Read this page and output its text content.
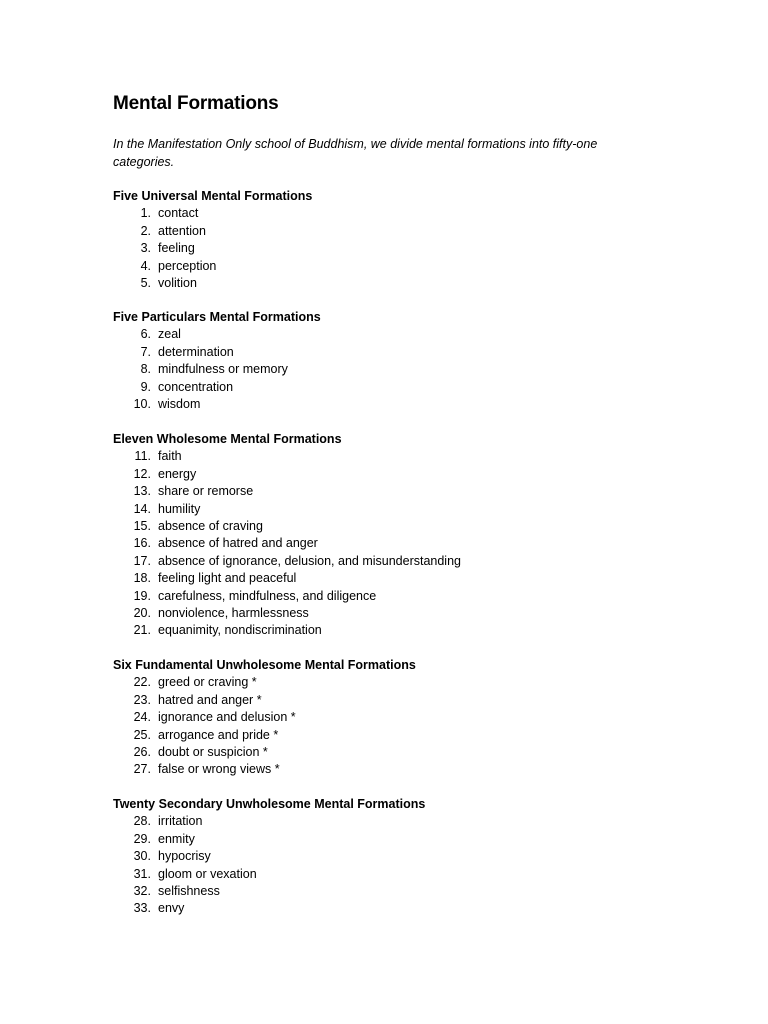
Mental Formations

In the Manifestation Only school of Buddhism, we divide mental formations into fifty-one categories.

Five Universal Mental Formations
1. contact
2. attention
3. feeling
4. perception
5. volition
Five Particulars Mental Formations
6. zeal
7. determination
8. mindfulness or memory
9. concentration
10. wisdom
Eleven Wholesome Mental Formations
11. faith
12. energy
13. share or remorse
14. humility
15. absence of craving
16. absence of hatred and anger
17. absence of ignorance, delusion, and misunderstanding
18. feeling light and peaceful
19. carefulness, mindfulness, and diligence
20. nonviolence, harmlessness
21. equanimity, nondiscrimination
Six Fundamental Unwholesome Mental Formations
22. greed or craving *
23. hatred and anger *
24. ignorance and delusion *
25. arrogance and pride *
26. doubt or suspicion *
27. false or wrong views *
Twenty Secondary Unwholesome Mental Formations
28. irritation
29. enmity
30. hypocrisy
31. gloom or vexation
32. selfishness
33. envy
